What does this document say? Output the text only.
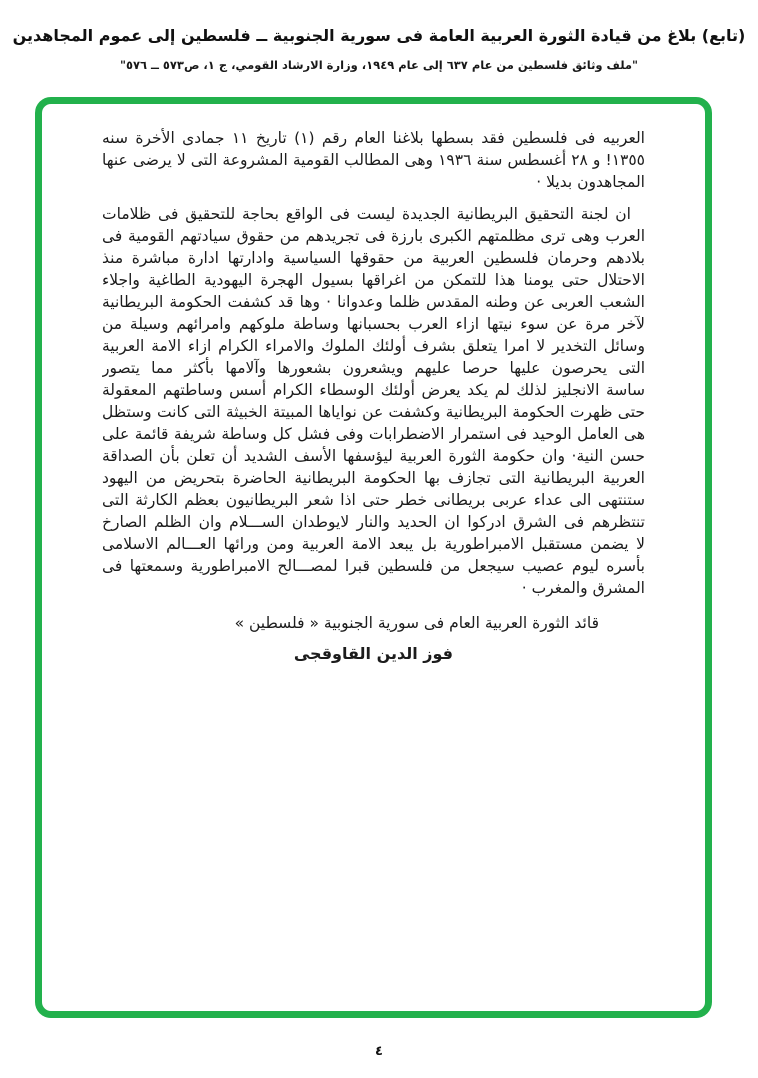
(تابع) بلاغ من قيادة الثورة العربية العامة فى سورية الجنوبية ــ فلسطين إلى عموم المجاهدين
"ملف وثائق فلسطين من عام ٦٣٧ إلى عام ١٩٤٩، وزارة الارشاد القومي، ج ١، ص٥٧٣ ــ ٥٧٦"
العربيه فى فلسطين فقد بسطها بلاغنا العام رقم (١) تاريخ ١١ جمادى الأخرة سنه
١٣٥٥! و ٢٨ أغسطس سنة ١٩٣٦ وهى المطالب القومية المشروعة التى لا يرضى عنها
المجاهدون بديلا ·
ان لجنة التحقيق البريطانية الجديدة ليست فى الواقع بحاجة للتحقيق فى ظلامات
العرب وهى ترى مظلمتهم الكبرى بارزة فى تجريدهم من حقوق سيادتهم القومية فى
بلادهم وحرمان فلسطين العربية من حقوقها السياسية وادارتها ادارة مباشرة منذ
الاحتلال حتى يومنا هذا للتمكن من اغراقها بسيول الهجرة اليهودية الطاغية واجلاء
الشعب العربى عن وطنه المقدس ظلما وعدوانا · وها قد كشفت الحكومة البريطانية
لآخر مرة عن سوء نيتها ازاء العرب بحسبانها وساطة ملوكهم وامرائهم وسيلة من
وسائل التخدير لا امرا يتعلق بشرف أولئك الملوك والامراء الكرام ازاء الامة العربية
التى يحرصون عليها حرصا عليهم ويشعرون بشعورها وآلامها بأكثر مما يتصور
ساسة الانجليز لذلك لم يكد يعرض أولئك الوسطاء الكرام أسس وساطتهم المعقولة
حتى ظهرت الحكومة البريطانية وكشفت عن نواياها المبيتة الخبيثة التى كانت وستظل
هى العامل الوحيد فى استمرار الاضطرابات وفى فشل كل وساطة شريفة قائمة على
حسن النية· وان حكومة الثورة العربية ليؤسفها الأسف الشديد أن تعلن بأن الصداقة
العربية البريطانية التى تجازف بها الحكومة البريطانية الحاضرة بتحريض من اليهود
ستنتهى الى عداء عربى بريطانى خطر حتى اذا شعر البريطانيون بعظم الكارثة التى
تنتظرهم فى الشرق ادركوا ان الحديد والنار لايوطدان الســـلام وان الظلم الصارخ
لا يضمن مستقبل الامبراطورية بل يبعد الامة العربية ومن ورائها العـــالم الاسلامى
بأسره ليوم عصيب سيجعل من فلسطين قبرا لمصـــالح الامبراطورية وسمعتها فى
المشرق والمغرب ·
قائد الثورة العربية العام فى سورية الجنوبية « فلسطين »
فوز الدين القاوقجى
٤
